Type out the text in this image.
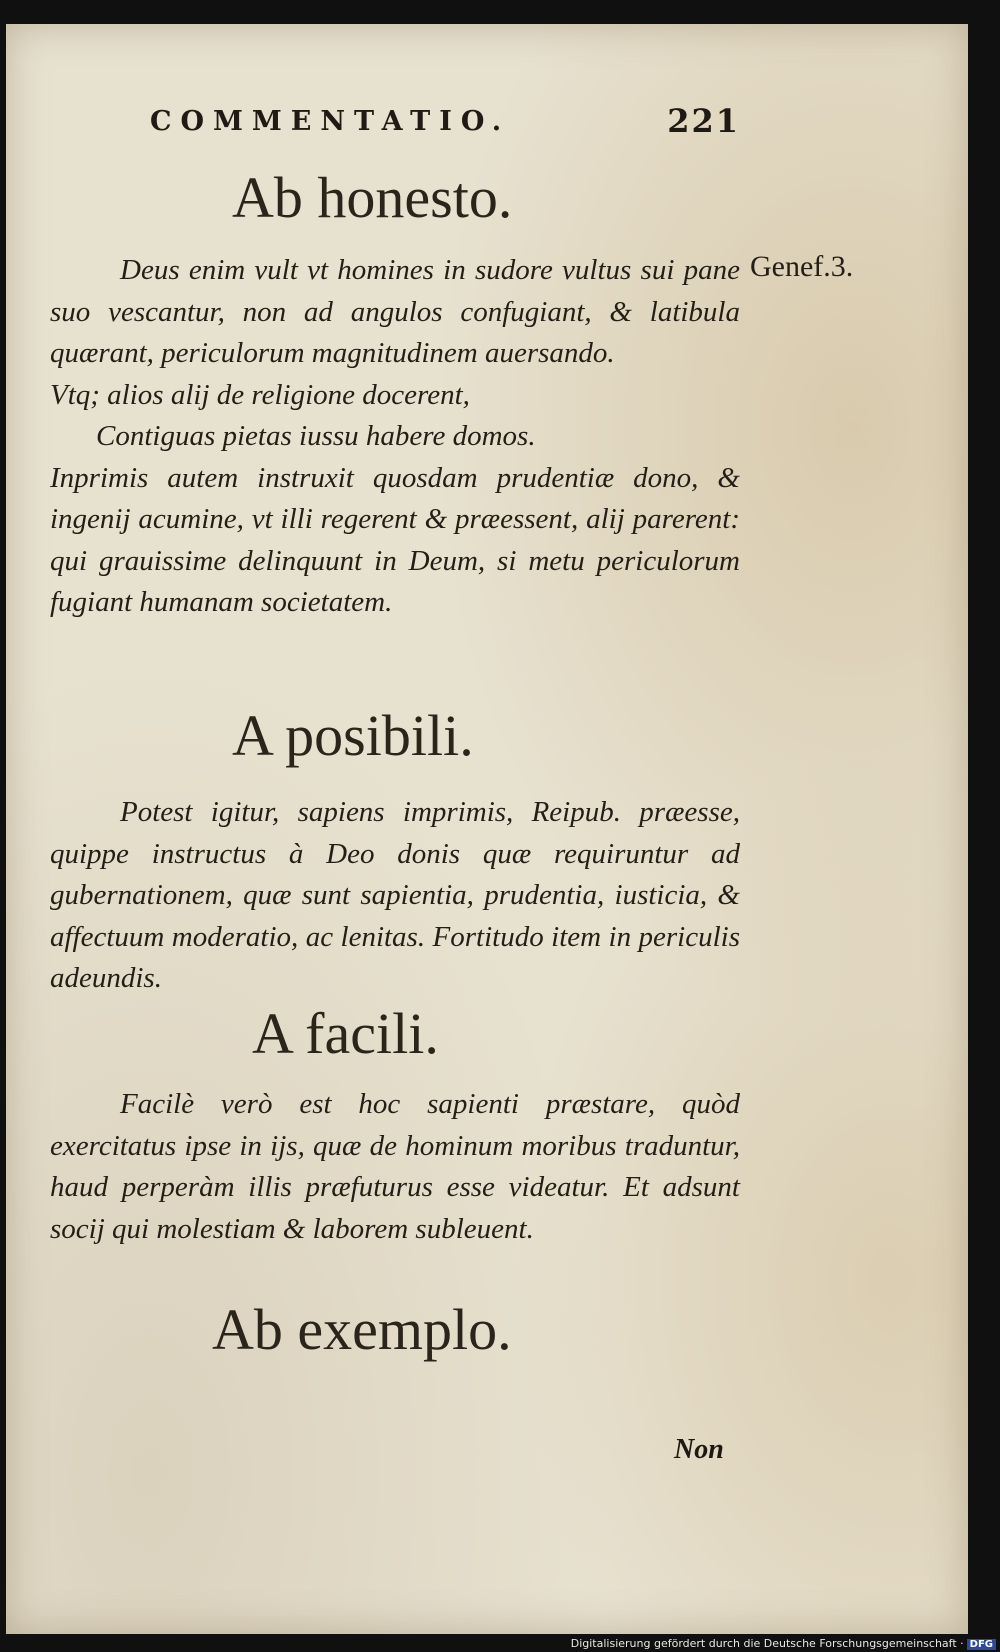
COMMENTATIO.	221
Ab honesto.
Genef.3.

Deus enim vult vt homines in sudore vultus sui pane suo vescantur, non ad angulos confugiant, & latibula quærant, periculorum magnitudinem auersando.

Vtq; alios alij de religione docerent,

Contiguas pietas iussu habere domos.

Inprimis autem instruxit quosdam prudentiæ dono, & ingenij acumine, vt illi regerent & præessent, alij parerent: qui grauissime delinquunt in Deum, si metu periculorum fugiant humanam societatem.

A posibili.

Potest igitur, sapiens imprimis, Reipub. præesse, quippe instructus à Deo donis quæ requiruntur ad gubernationem, quæ sunt sapientia, prudentia, iusticia, & affectuum moderatio, ac lenitas. Fortitudo item in periculis adeundis.

A facili.

Facilè verò est hoc sapienti præstare, quòd exercitatus ipse in ijs, quæ de hominum moribus traduntur, haud perperàm illis præfuturus esse videatur. Et adsunt socij qui molestiam & laborem subleuent.

Ab exemplo.
Non
Digitalisierung gefördert durch die Deutsche Forschungsgemeinschaft · DFG
